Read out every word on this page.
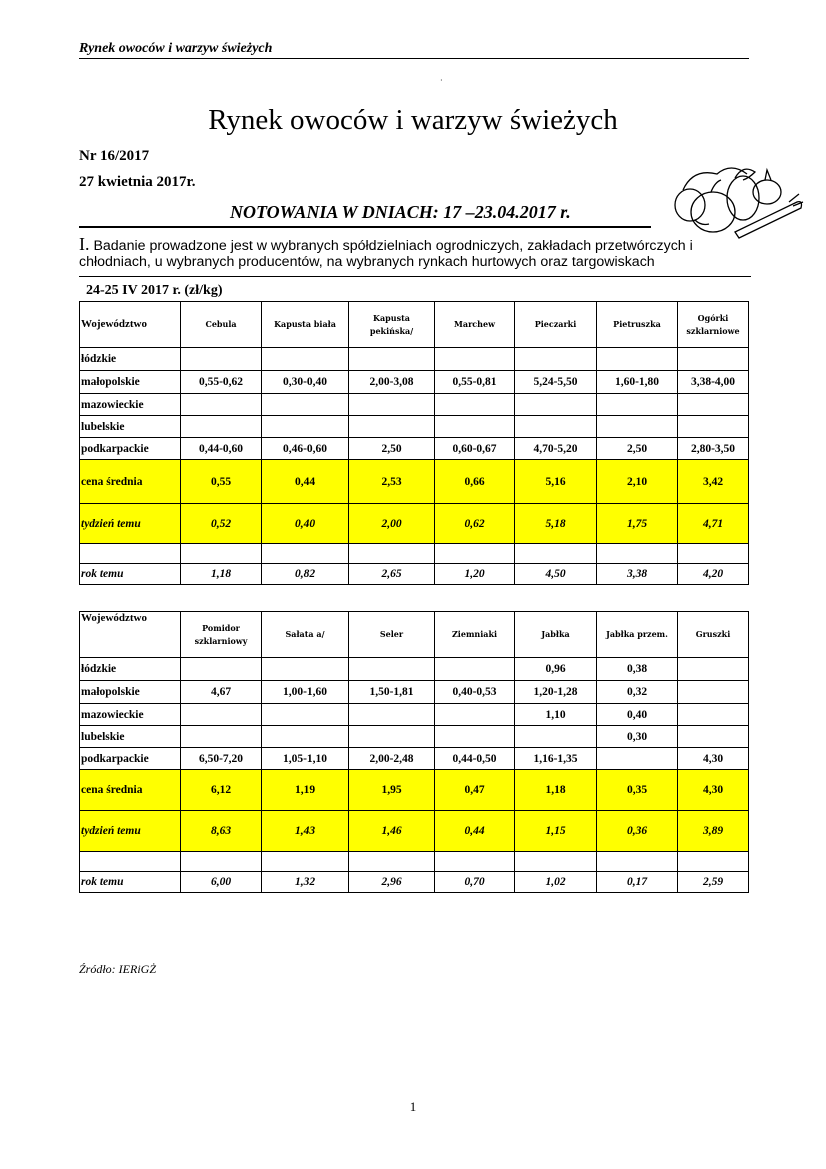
Rynek owoców i warzyw świeżych
·
Rynek owoców i warzyw świeżych
Nr 16/2017
27 kwietnia 2017r.
NOTOWANIA W DNIACH: 17 –23.04.2017 r.
I. Badanie prowadzone jest w wybranych spółdzielniach ogrodniczych, zakładach przetwórczych i chłodniach, u wybranych producentów, na wybranych rynkach hurtowych oraz targowiskach
24-25 IV 2017 r. (zł/kg)
Województwo	Cebula	Kapusta biała	Kapusta pekińska/	Marchew	Pieczarki	Pietruszka	Ogórki szklarniowe
łódzkie							
małopolskie	0,55-0,62	0,30-0,40	2,00-3,08	0,55-0,81	5,24-5,50	1,60-1,80	3,38-4,00
mazowieckie							
lubelskie							
podkarpackie	0,44-0,60	0,46-0,60	2,50	0,60-0,67	4,70-5,20	2,50	2,80-3,50
cena średnia	0,55	0,44	2,53	0,66	5,16	2,10	3,42
tydzień temu	0,52	0,40	2,00	0,62	5,18	1,75	4,71

rok temu	1,18	0,82	2,65	1,20	4,50	3,38	4,20
Województwo	Pomidor szklarniowy	Sałata a/	Seler	Ziemniaki	Jabłka	Jabłka przem.	Gruszki
łódzkie					0,96	0,38	
małopolskie	4,67	1,00-1,60	1,50-1,81	0,40-0,53	1,20-1,28	0,32	
mazowieckie					1,10	0,40	
lubelskie						0,30	
podkarpackie	6,50-7,20	1,05-1,10	2,00-2,48	0,44-0,50	1,16-1,35		4,30
cena średnia	6,12	1,19	1,95	0,47	1,18	0,35	4,30
tydzień temu	8,63	1,43	1,46	0,44	1,15	0,36	3,89

rok temu	6,00	1,32	2,96	0,70	1,02	0,17	2,59
Źródło: IERiGŻ
1
